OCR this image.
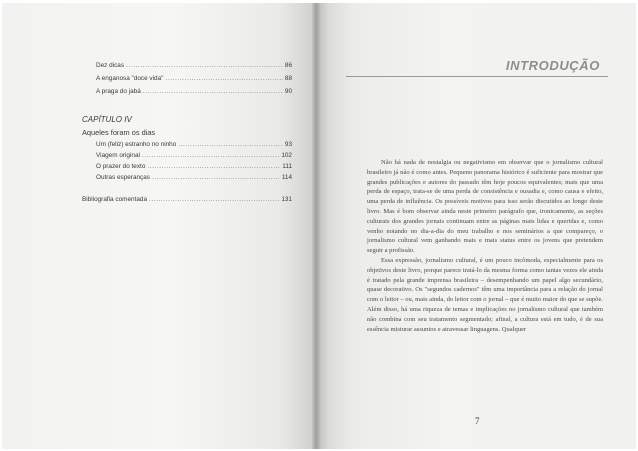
Dez dicas .....	86
A enganosa "doce vida" .....	88
A praga do jabá .....	90
CAPÍTULO IV
Aqueles foram os dias
Um (feliz) estranho no ninho .....	93
Viagem original .....	102
O prazer do texto .....	111
Outras esperanças .....	114
Bibliografia comentada .....	131
INTRODUÇÃO

Não há nada de nostalgia ou negativismo em observar que o jornalismo cultural brasileiro já não é como antes. Pequeno panorama histórico é suficiente para mostrar que grandes publicações e autores do passado têm hoje poucos equivalentes; mais que uma perda de espaço, trata-se de uma perda de consistência e ousadia e, como causa e efeito, uma perda de influência. Os possíveis motivos para isso serão discutidos ao longo deste livro. Mas é bom observar ainda neste primeiro parágrafo que, ironicamente, as seções culturais dos grandes jornais continuam entre as páginas mais lidas e queridas e, como venho notando no dia-a-dia do meu trabalho e nos seminários a que compareço, o jornalismo cultural vem ganhando mais e mais status entre os jovens que pretendem seguir a profissão.

Essa expressão, jornalismo cultural, é um pouco incômoda, especialmente para os objetivos deste livro, porque parece tratá-lo da mesma forma como tantas vezes ele ainda é tratado pela grande imprensa brasileira – desempenhando um papel algo secundário, quase decorativo. Os "segundos cadernos" têm uma importância para a relação do jornal com o leitor – ou, mais ainda, do leitor com o jornal – que é muito maior do que se supõe. Além disso, há uma riqueza de temas e implicações no jornalismo cultural que também não combina com seu tratamento segmentado; afinal, a cultura está em tudo, é de sua essência misturar assuntos e atravessar linguagens. Qualquer

7
